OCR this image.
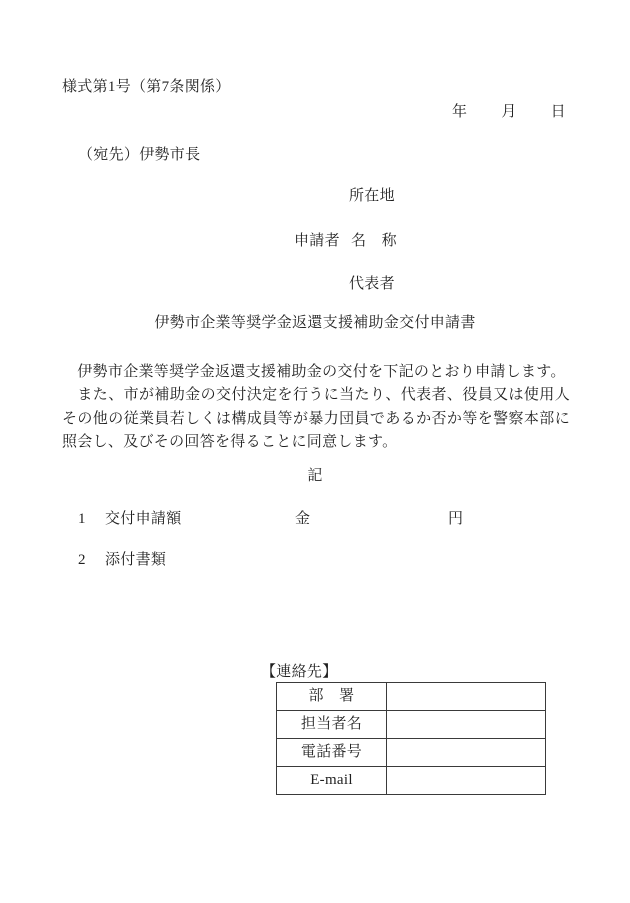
様式第1号（第7条関係）
年 月 日
（宛先）伊勢市長
所在地
申請者 名　称
代表者
伊勢市企業等奨学金返還支援補助金交付申請書

　伊勢市企業等奨学金返還支援補助金の交付を下記のとおり申請します。

　また、市が補助金の交付決定を行うに当たり、代表者、役員又は使用人その他の従業員若しくは構成員等が暴力団員であるか否か等を警察本部に照会し、及びその回答を得ることに同意します。

記
1 交付申請額	金	円
2 添付書類
【連絡先】
部　署	
担当者名	
電話番号	
E-mail	
